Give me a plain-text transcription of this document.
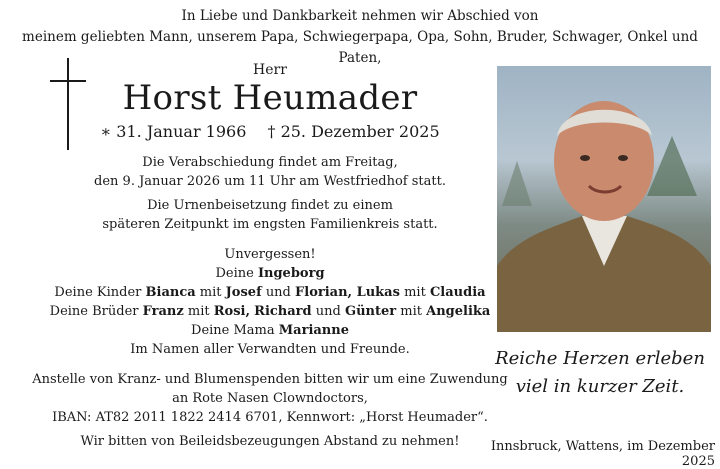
In Liebe und Dankbarkeit nehmen wir Abschied von
meinem geliebten Mann, unserem Papa, Schwiegerpapa, Opa, Sohn, Bruder, Schwager, Onkel und Paten,
Herr
Horst Heumader
∗ 31. Januar 1966 † 25. Dezember 2025
Die Verabschiedung findet am Freitag,
den 9. Januar 2026 um 11 Uhr am Westfriedhof statt.
Die Urnenbeisetzung findet zu einem
späteren Zeitpunkt im engsten Familienkreis statt.
Unvergessen!
Deine Ingeborg
Deine Kinder Bianca mit Josef und Florian, Lukas mit Claudia
Deine Brüder Franz mit Rosi, Richard und Günter mit Angelika
Deine Mama Marianne
Im Namen aller Verwandten und Freunde.
Anstelle von Kranz- und Blumenspenden bitten wir um eine Zuwendung
an Rote Nasen Clowndoctors,
IBAN: AT82 2011 1822 2414 6701, Kennwort: „Horst Heumader“.
Wir bitten von Beileidsbezeugungen Abstand zu nehmen!
Reiche Herzen erleben
viel in kurzer Zeit.
Innsbruck, Wattens, im Dezember 2025
